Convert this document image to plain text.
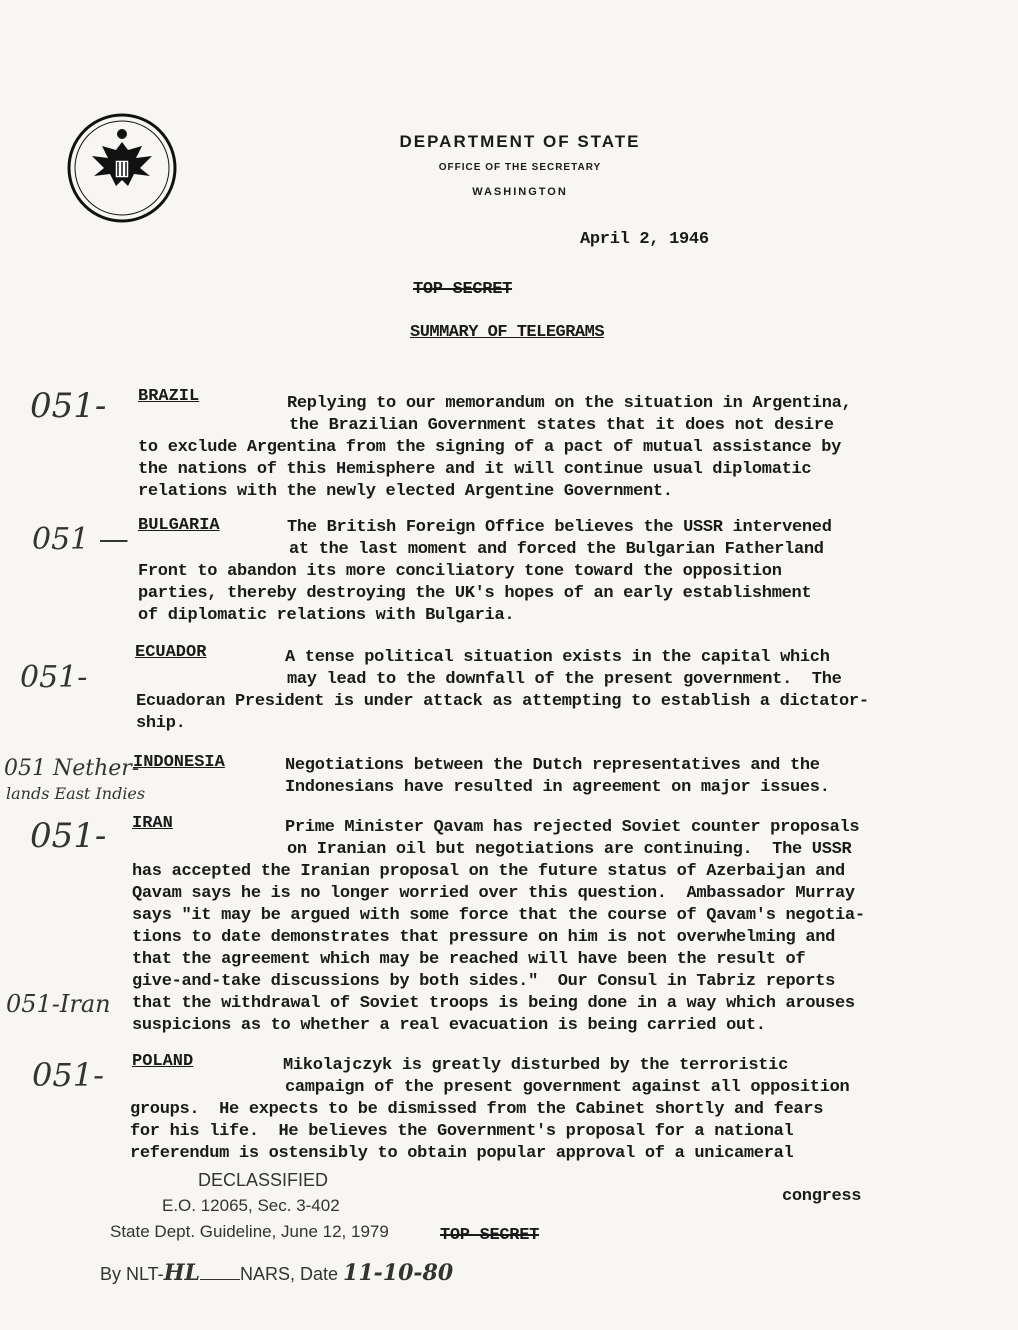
DEPARTMENT OF STATE
OFFICE OF THE SECRETARY
WASHINGTON
April 2, 1946
TOP SECRET
SUMMARY OF TELEGRAMS
051- BRAZIL	Replying to our memorandum on the situation in Argentina,
the Brazilian Government states that it does not desire
to exclude Argentina from the signing of a pact of mutual assistance by
the nations of this Hemisphere and it will continue usual diplomatic
relations with the newly elected Argentine Government.
051 — BULGARIA	The British Foreign Office believes the USSR intervened
at the last moment and forced the Bulgarian Fatherland
Front to abandon its more conciliatory tone toward the opposition
parties, thereby destroying the UK's hopes of an early establishment
of diplomatic relations with Bulgaria.
051-
ECUADOR	A tense political situation exists in the capital which
may lead to the downfall of the present government.  The
Ecuadoran President is under attack as attempting to establish a dictator-
ship.
051 Nether-
lands East Indies
INDONESIA	Negotiations between the Dutch representatives and the
Indonesians have resulted in agreement on major issues.
051- IRAN	Prime Minister Qavam has rejected Soviet counter proposals
on Iranian oil but negotiations are continuing.  The USSR
has accepted the Iranian proposal on the future status of Azerbaijan and
Qavam says he is no longer worried over this question.  Ambassador Murray
says "it may be argued with some force that the course of Qavam's negotia-
tions to date demonstrates that pressure on him is not overwhelming and
that the agreement which may be reached will have been the result of
give-and-take discussions by both sides."  Our Consul in Tabriz reports
that the withdrawal of Soviet troops is being done in a way which arouses
suspicions as to whether a real evacuation is being carried out.
051-Iran
051- POLAND	Mikolajczyk is greatly disturbed by the terroristic
campaign of the present government against all opposition
groups.  He expects to be dismissed from the Cabinet shortly and fears
for his life.  He believes the Government's proposal for a national
referendum is ostensibly to obtain popular approval of a unicameral
congress
TOP SECRET
DECLASSIFIED
E.O. 12065, Sec. 3-402
State Dept. Guideline, June 12, 1979
By NLT-HL NARS, Date 11-10-80
